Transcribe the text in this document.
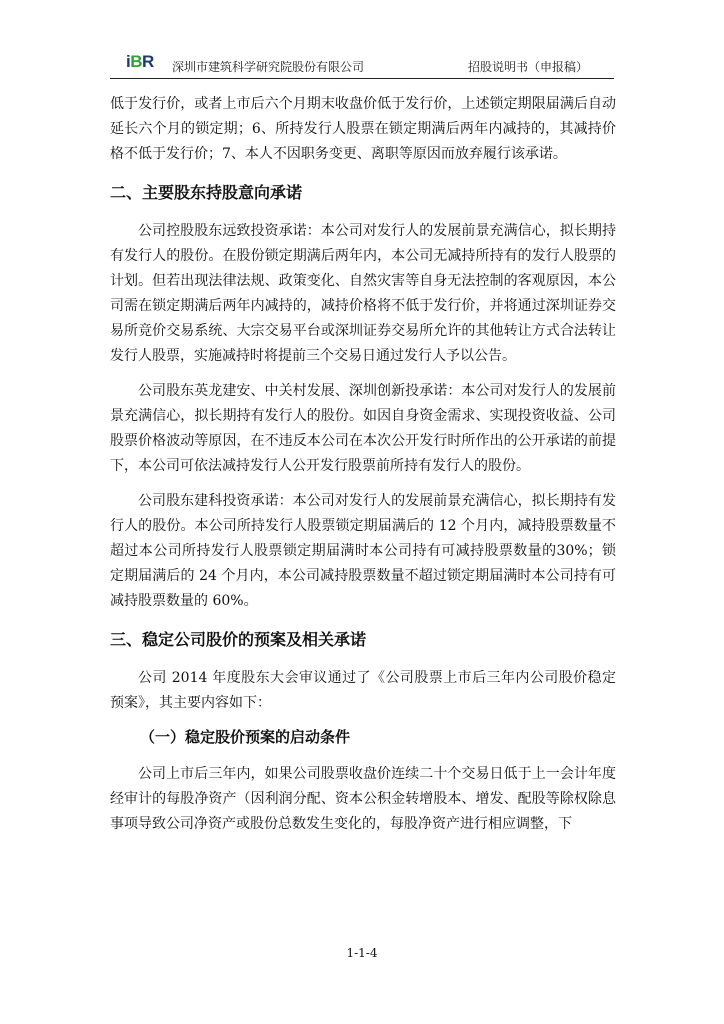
iBR 深圳市建筑科学研究院股份有限公司	招股说明书（申报稿）

低于发行价，或者上市后六个月期末收盘价低于发行价，上述锁定期限届满后自动延长六个月的锁定期；6、所持发行人股票在锁定期满后两年内减持的，其减持价格不低于发行价；7、本人不因职务变更、离职等原因而放弃履行该承诺。

二、主要股东持股意向承诺

公司控股股东远致投资承诺：本公司对发行人的发展前景充满信心，拟长期持有发行人的股份。在股份锁定期满后两年内，本公司无减持所持有的发行人股票的计划。但若出现法律法规、政策变化、自然灾害等自身无法控制的客观原因，本公司需在锁定期满后两年内减持的，减持价格将不低于发行价，并将通过深圳证券交易所竞价交易系统、大宗交易平台或深圳证券交易所允许的其他转让方式合法转让发行人股票，实施减持时将提前三个交易日通过发行人予以公告。

公司股东英龙建安、中关村发展、深圳创新投承诺：本公司对发行人的发展前景充满信心，拟长期持有发行人的股份。如因自身资金需求、实现投资收益、公司股票价格波动等原因，在不违反本公司在本次公开发行时所作出的公开承诺的前提下，本公司可依法减持发行人公开发行股票前所持有发行人的股份。

公司股东建科投资承诺：本公司对发行人的发展前景充满信心，拟长期持有发行人的股份。本公司所持发行人股票锁定期届满后的 12 个月内，减持股票数量不超过本公司所持发行人股票锁定期届满时本公司持有可减持股票数量的30%；锁定期届满后的 24 个月内，本公司减持股票数量不超过锁定期届满时本公司持有可减持股票数量的 60%。

三、稳定公司股价的预案及相关承诺

公司 2014 年度股东大会审议通过了《公司股票上市后三年内公司股价稳定预案》，其主要内容如下：

（一）稳定股价预案的启动条件

公司上市后三年内，如果公司股票收盘价连续二十个交易日低于上一会计年度经审计的每股净资产（因利润分配、资本公积金转增股本、增发、配股等除权除息事项导致公司净资产或股份总数发生变化的，每股净资产进行相应调整，下

1-1-4
